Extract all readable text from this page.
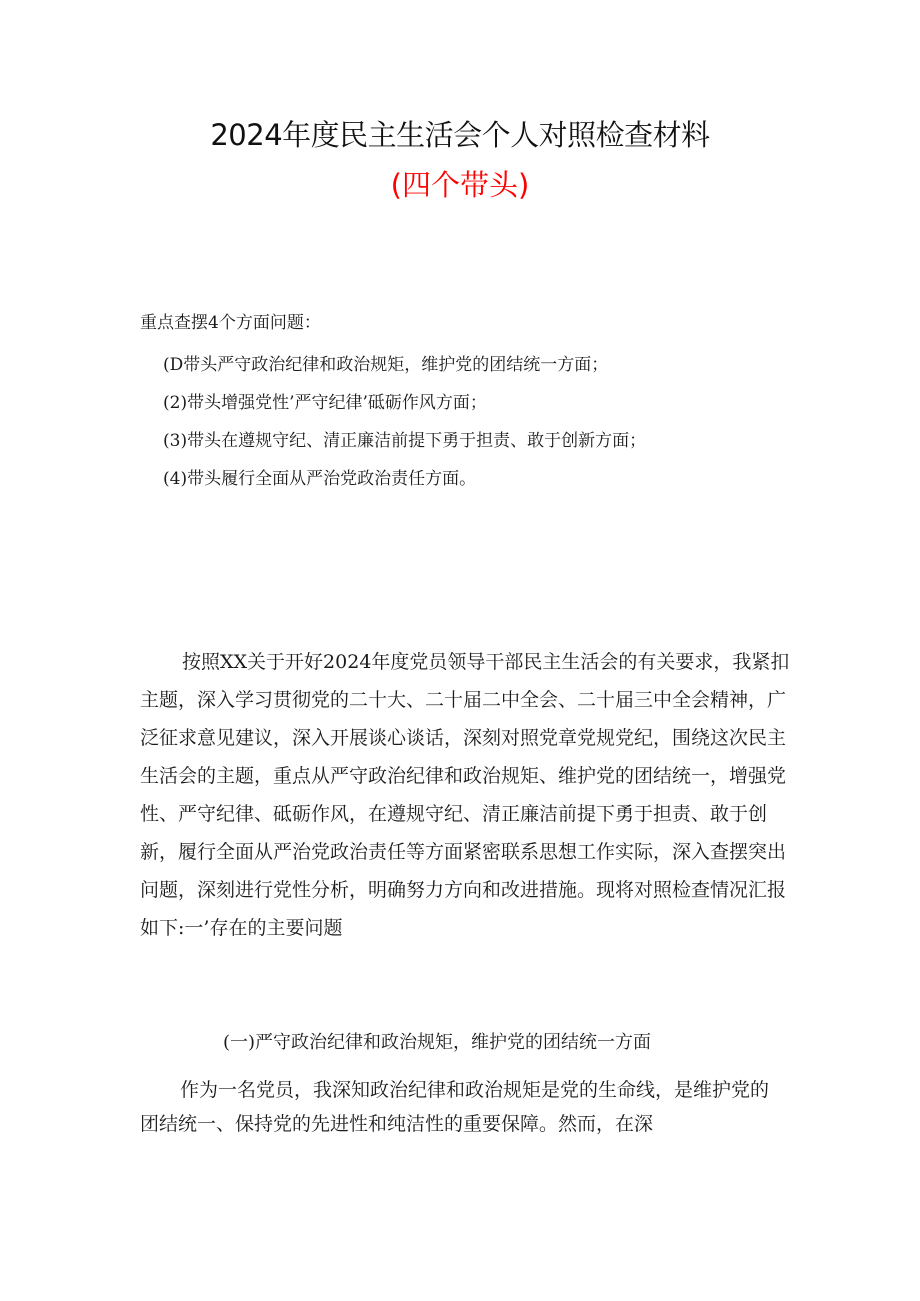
2024年度民主生活会个人对照检查材料
(四个带头)
重点查摆4个方面问题：
(D带头严守政治纪律和政治规矩，维护党的团结统一方面；
(2)带头增强党性’严守纪律’砥砺作风方面；
(3)带头在遵规守纪、清正廉洁前提下勇于担责、敢于创新方面；
(4)带头履行全面从严治党政治责任方面。

按照XX关于开好2024年度党员领导干部民主生活会的有关要求，我紧扣主题，深入学习贯彻党的二十大、二十届二中全会、二十届三中全会精神，广泛征求意见建议，深入开展谈心谈话，深刻对照党章党规党纪，围绕这次民主生活会的主题，重点从严守政治纪律和政治规矩、维护党的团结统一，增强党性、严守纪律、砥砺作风，在遵规守纪、清正廉洁前提下勇于担责、敢于创新，履行全面从严治党政治责任等方面紧密联系思想工作实际，深入查摆突出问题，深刻进行党性分析，明确努力方向和改进措施。现将对照检查情况汇报如下:一’存在的主要问题

(一)严守政治纪律和政治规矩，维护党的团结统一方面

作为一名党员，我深知政治纪律和政治规矩是党的生命线，是维护党的团结统一、保持党的先进性和纯洁性的重要保障。然而，在深
